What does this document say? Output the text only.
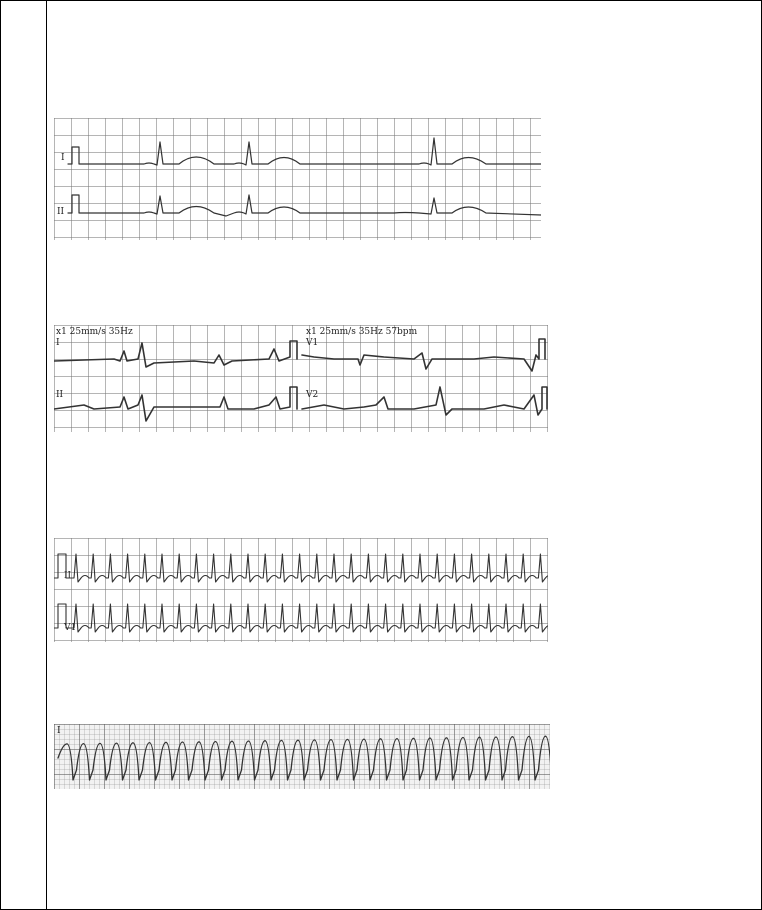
I
II
x1 25mm/s 35Hz	x1 25mm/s 35Hz 57bpm
I
II
V1
V2
II
V1
I
